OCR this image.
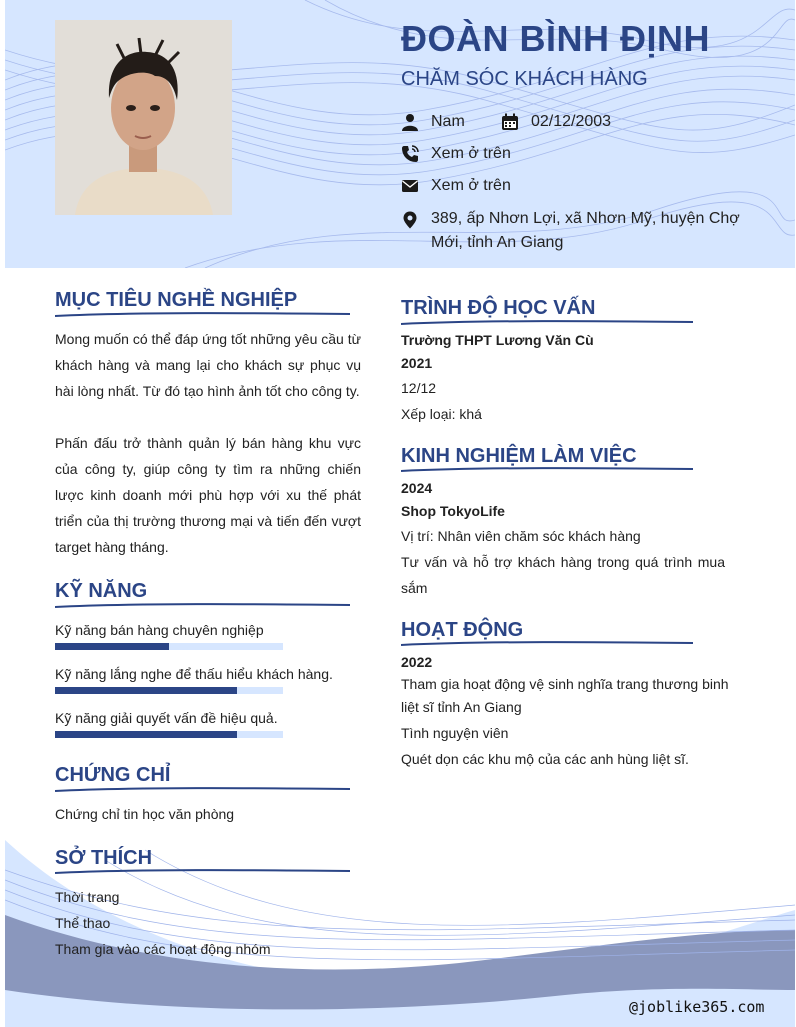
ĐOÀN BÌNH ĐỊNH
CHĂM SÓC KHÁCH HÀNG
Nam	02/12/2003
Xem ở trên
Xem ở trên
389, ấp Nhơn Lợi, xã Nhơn Mỹ, huyện Chợ Mới, tỉnh An Giang
@joblike365.com
MỤC TIÊU NGHỀ NGHIỆP

Mong muốn có thể đáp ứng tốt những yêu cầu từ khách hàng và mang lại cho khách sự phục vụ hài lòng nhất. Từ đó tạo hình ảnh tốt cho công ty.

Phấn đấu trở thành quản lý bán hàng khu vực của công ty, giúp công ty tìm ra những chiến lược kinh doanh mới phù hợp với xu thế phát triển của thị trường thương mại và tiến đến vượt target hàng tháng.

KỸ NĂNG
Kỹ năng bán hàng chuyên nghiệp
Kỹ năng lắng nghe để thấu hiểu khách hàng.
Kỹ năng giải quyết vấn đề hiệu quả.
CHỨNG CHỈ

Chứng chỉ tin học văn phòng

SỞ THÍCH

Thời trang

Thể thao

Tham gia vào các hoạt động nhóm

TRÌNH ĐỘ HỌC VẤN

Trường THPT Lương Văn Cù

2021

12/12

Xếp loại: khá

KINH NGHIỆM LÀM VIỆC

2024

Shop TokyoLife

Vị trí: Nhân viên chăm sóc khách hàng

Tư vấn và hỗ trợ khách hàng trong quá trình mua sắm

HOẠT ĐỘNG

2022

Tham gia hoạt động vệ sinh nghĩa trang thương binh liệt sĩ tỉnh An Giang

Tình nguyện viên

Quét dọn các khu mộ của các anh hùng liệt sĩ.
